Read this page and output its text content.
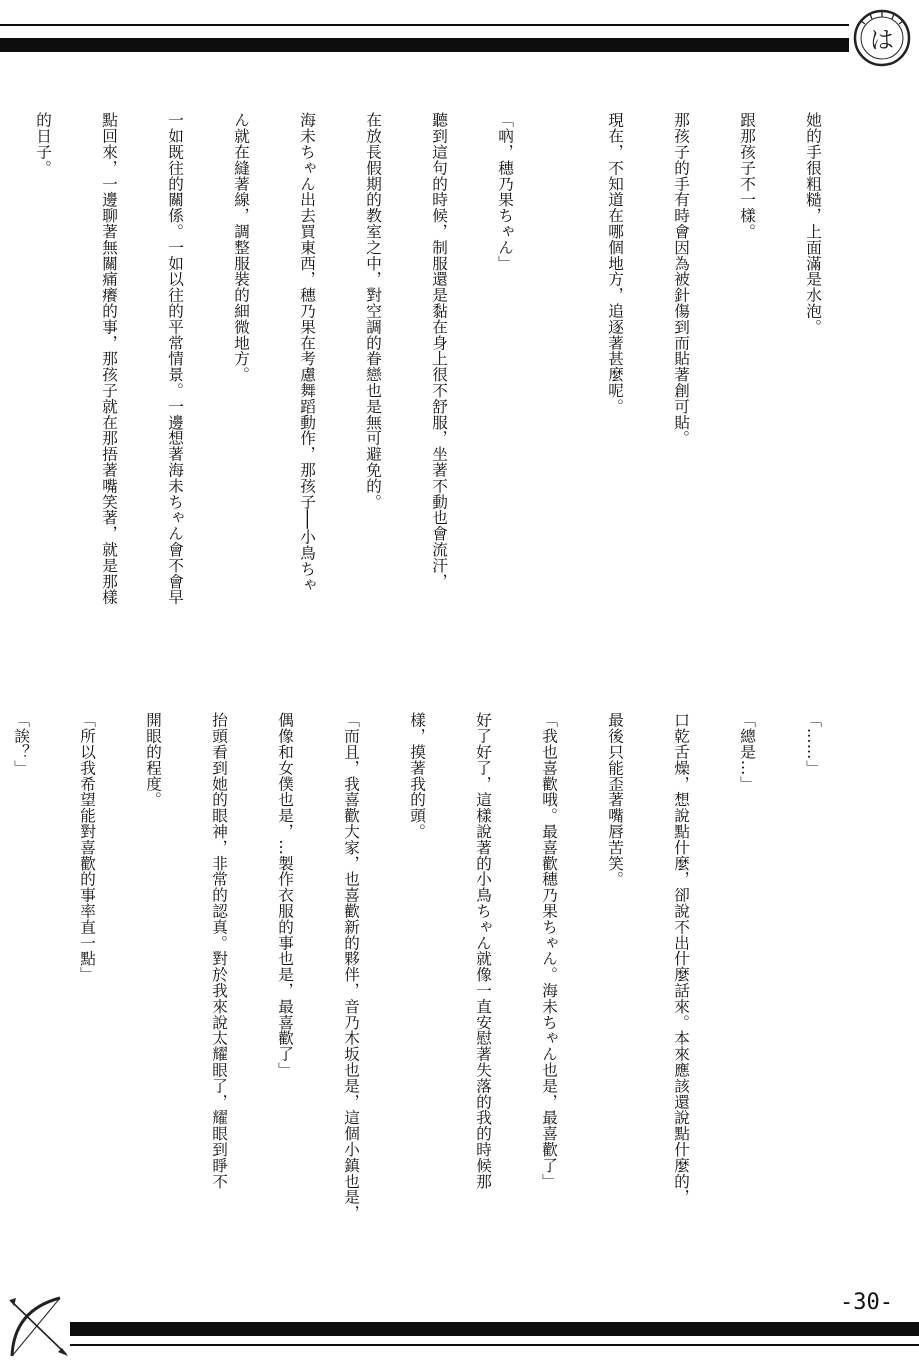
は
-30-

她的手很粗糙，上面滿是水泡。

跟那孩子不一樣。

那孩子的手有時會因為被針傷到而貼著創可貼。

現在，不知道在哪個地方，追逐著甚麼呢。

「吶，穗乃果ちゃん」

聽到這句的時候，制服還是黏在身上很不舒服，坐著不動也會流汗，

在放長假期的教室之中，對空調的眷戀也是無可避免的。

海未ちゃん出去買東西，穗乃果在考慮舞蹈動作，那孩子──小鳥ちゃ

ん就在縫著線，調整服裝的細微地方。

一如既往的關係。一如以往的平常情景。一邊想著海未ちゃん會不會早

點回來，一邊聊著無關痛癢的事，那孩子就在那捂著嘴笑著，就是那樣

的日子。

「……」

「總是…」

口乾舌燥，想說點什麼，卻說不出什麼話來。本來應該還說點什麼的，

最後只能歪著嘴唇苦笑。

「我也喜歡哦。最喜歡穗乃果ちゃん。海未ちゃん也是，最喜歡了」

好了好了，這樣說著的小鳥ちゃん就像一直安慰著失落的我的時候那

樣，摸著我的頭。

「而且，我喜歡大家，也喜歡新的夥伴，音乃木坂也是，這個小鎮也是，

偶像和女僕也是，…製作衣服的事也是，最喜歡了」

抬頭看到她的眼神，非常的認真。對於我來說太耀眼了，耀眼到睜不

開眼的程度。

「所以我希望能對喜歡的事率直一點」

「誒？」
